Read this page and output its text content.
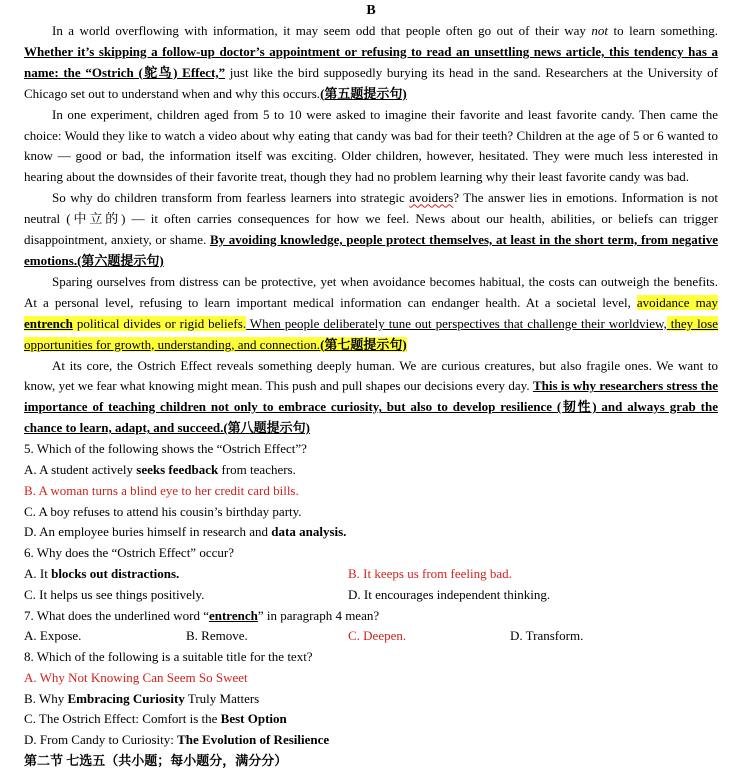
B

In a world overflowing with information, it may seem odd that people often go out of their way not to learn something. Whether it’s skipping a follow-up doctor’s appointment or refusing to read an unsettling news article, this tendency has a name: the “Ostrich (鸵鸟) Effect,” just like the bird supposedly burying its head in the sand. Researchers at the University of Chicago set out to understand when and why this occurs.(第五题提示句)

In one experiment, children aged from 5 to 10 were asked to imagine their favorite and least favorite candy. Then came the choice: Would they like to watch a video about why eating that candy was bad for their teeth? Children at the age of 5 or 6 wanted to know — good or bad, the information itself was exciting. Older children, however, hesitated. They were much less interested in hearing about the downsides of their favorite treat, though they had no problem learning why their least favorite candy was bad.

So why do children transform from fearless learners into strategic avoiders? The answer lies in emotions. Information is not neutral (中立的) — it often carries consequences for how we feel. News about our health, abilities, or beliefs can trigger disappointment, anxiety, or shame. By avoiding knowledge, people protect themselves, at least in the short term, from negative emotions.(第六题提示句)

Sparing ourselves from distress can be protective, yet when avoidance becomes habitual, the costs can outweigh the benefits. At a personal level, refusing to learn important medical information can endanger health. At a societal level, avoidance may entrench political divides or rigid beliefs. When people deliberately tune out perspectives that challenge their worldview, they lose opportunities for growth, understanding, and connection.(第七题提示句)

At its core, the Ostrich Effect reveals something deeply human. We are curious creatures, but also fragile ones. We want to know, yet we fear what knowing might mean. This push and pull shapes our decisions every day. This is why researchers stress the importance of teaching children not only to embrace curiosity, but also to develop resilience (韧性) and always grab the chance to learn, adapt, and succeed.(第八题提示句)

5. Which of the following shows the “Ostrich Effect”?

A. A student actively seeks feedback from teachers.

B. A woman turns a blind eye to her credit card bills.

C. A boy refuses to attend his cousin’s birthday party.

D. An employee buries himself in research and data analysis.

6. Why does the “Ostrich Effect” occur?

A. It blocks out distractions.	B. It keeps us from feeling bad.
C. It helps us see things positively.	D. It encourages independent thinking.

7. What does the underlined word “entrench” in paragraph 4 mean?

A. Expose.	B. Remove.	C. Deepen.	D. Transform.

8. Which of the following is a suitable title for the text?

A. Why Not Knowing Can Seem So Sweet

B. Why Embracing Curiosity Truly Matters

C. The Ostrich Effect: Comfort is the Best Option

D. From Candy to Curiosity: The Evolution of Resilience

第二节 七选五（共小题；每小题分，满分分）
